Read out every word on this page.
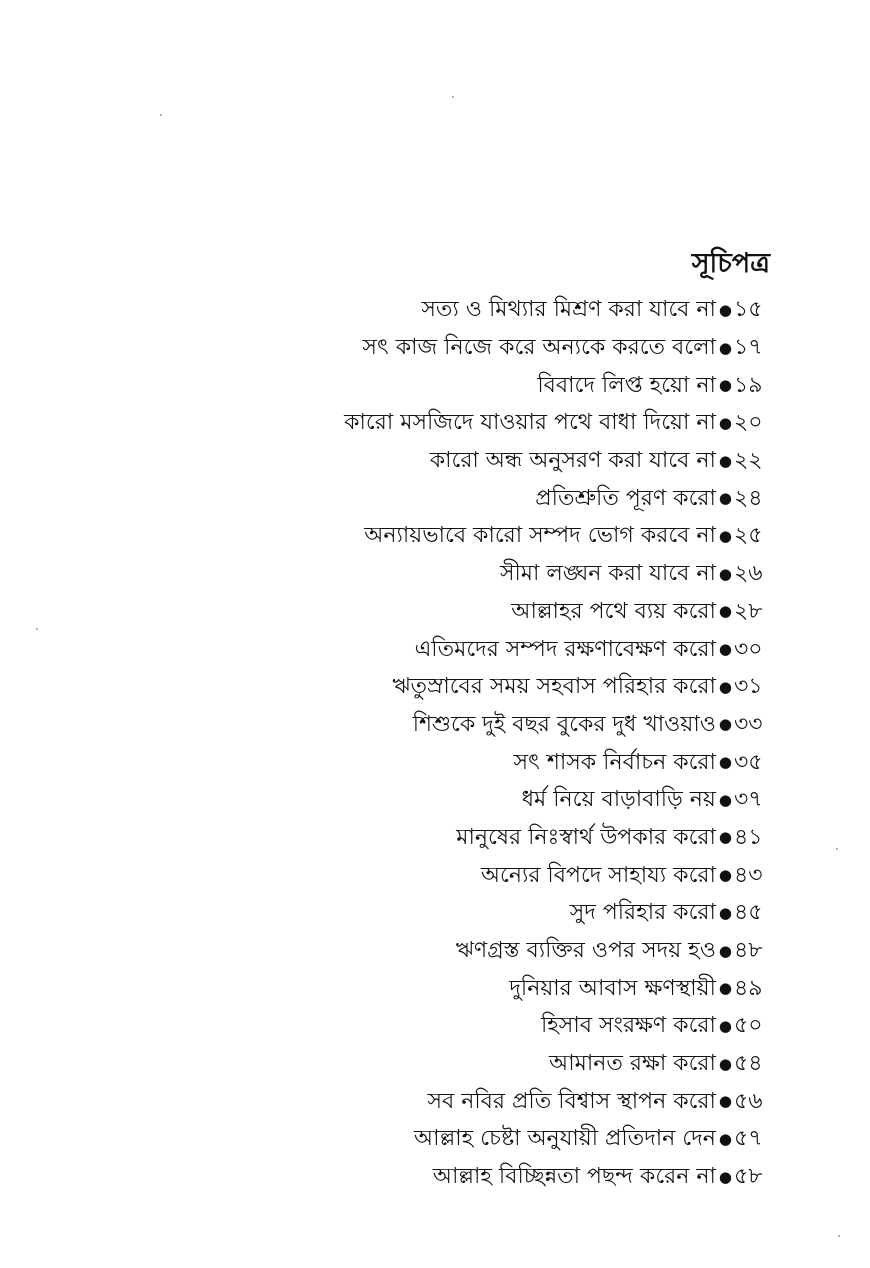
সূচিপত্র
সত্য ও মিথ্যার মিশ্রণ করা যাবে না ● ১৫
সৎ কাজ নিজে করে অন্যকে করতে বলো ● ১৭
বিবাদে লিপ্ত হয়ো না ● ১৯
কারো মসজিদে যাওয়ার পথে বাধা দিয়ো না ● ২০
কারো অন্ধ অনুসরণ করা যাবে না ● ২২
প্রতিশ্রুতি পূরণ করো ● ২৪
অন্যায়ভাবে কারো সম্পদ ভোগ করবে না ● ২৫
সীমা লঙ্ঘন করা যাবে না ● ২৬
আল্লাহর পথে ব্যয় করো ● ২৮
এতিমদের সম্পদ রক্ষণাবেক্ষণ করো ● ৩০
ঋতুস্রাবের সময় সহবাস পরিহার করো ● ৩১
শিশুকে দুই বছর বুকের দুধ খাওয়াও ● ৩৩
সৎ শাসক নির্বাচন করো ● ৩৫
ধর্ম নিয়ে বাড়াবাড়ি নয় ● ৩৭
মানুষের নিঃস্বার্থ উপকার করো ● ৪১
অন্যের বিপদে সাহায্য করো ● ৪৩
সুদ পরিহার করো ● ৪৫
ঋণগ্রস্ত ব্যক্তির ওপর সদয় হও ● ৪৮
দুনিয়ার আবাস ক্ষণস্থায়ী ● ৪৯
হিসাব সংরক্ষণ করো ● ৫০
আমানত রক্ষা করো ● ৫৪
সব নবির প্রতি বিশ্বাস স্থাপন করো ● ৫৬
আল্লাহ চেষ্টা অনুযায়ী প্রতিদান দেন ● ৫৭
আল্লাহ বিচ্ছিন্নতা পছন্দ করেন না ● ৫৮
